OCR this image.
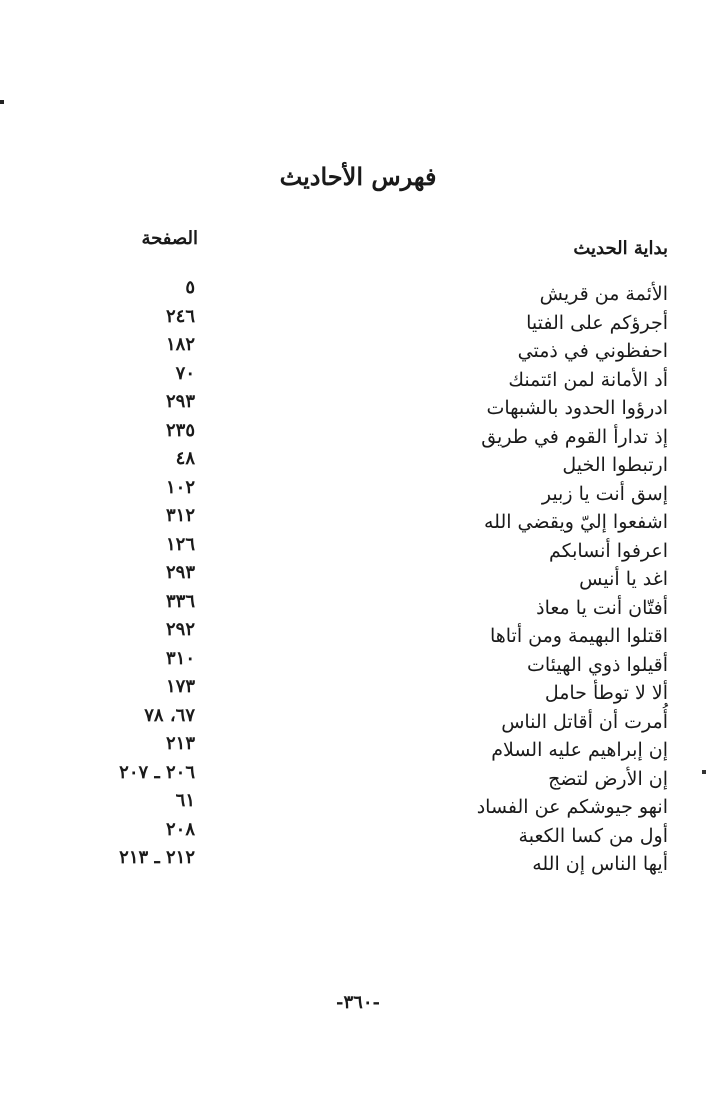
فهرس الأحاديث
بداية الحديث
الصفحة
الأئمة من قريش
٥
أجرؤكم على الفتيا
٢٤٦
احفظوني في ذمتي
١٨٢
أد الأمانة لمن ائتمنك
٧٠
ادرؤوا الحدود بالشبهات
٢٩٣
إذ تدارأ القوم في طريق
٢٣٥
ارتبطوا الخيل
٤٨
إسق أنت يا زبير
١٠٢
اشفعوا إليّ ويقضي الله
٣١٢
اعرفوا أنسابكم
١٢٦
اغد يا أنيس
٢٩٣
أفتّان أنت يا معاذ
٣٣٦
اقتلوا البهيمة ومن أتاها
٢٩٢
أقيلوا ذوي الهيئات
٣١٠
ألا لا توطأ حامل
١٧٣
أُمرت أن أقاتل الناس
٦٧، ٧٨
إن إبراهيم عليه السلام
٢١٣
إن الأرض لتضج
٢٠٦ ـ ٢٠٧
انهو جيوشكم عن الفساد
٦١
أول من كسا الكعبة
٢٠٨
أيها الناس إن الله
٢١٢ ـ ٢١٣
-٣٦٠-
